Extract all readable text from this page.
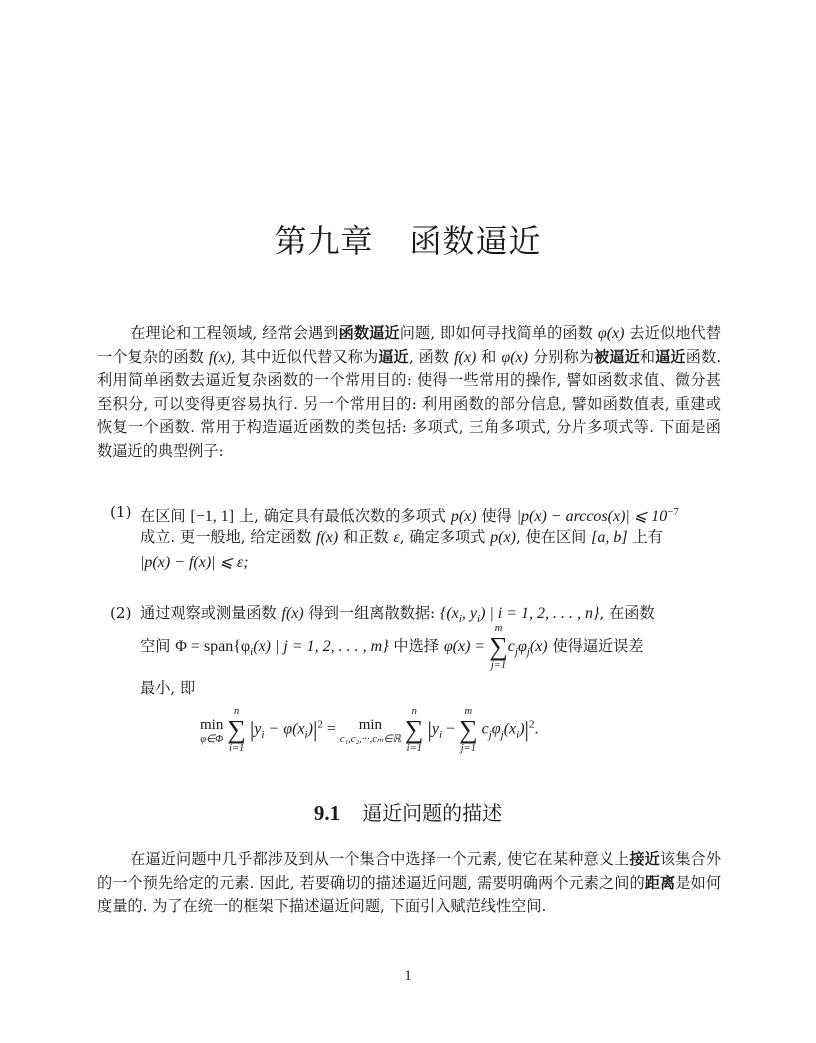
第九章 函数逼近

在理论和工程领域, 经常会遇到函数逼近问题, 即如何寻找简单的函数 φ(x) 去近似地代替一个复杂的函数 f(x), 其中近似代替又称为逼近, 函数 f(x) 和 φ(x) 分别称为被逼近和逼近函数. 利用简单函数去逼近复杂函数的一个常用目的: 使得一些常用的操作, 譬如函数求值、微分甚至积分, 可以变得更容易执行. 另一个常用目的: 利用函数的部分信息, 譬如函数值表, 重建或恢复一个函数. 常用于构造逼近函数的类包括: 多项式, 三角多项式, 分片多项式等. 下面是函数逼近的典型例子:

(1) 在区间 [−1, 1] 上, 确定具有最低次数的多项式 p(x) 使得 |p(x) − arccos(x)| ⩽ $10^{-7}$
成立. 更一般地, 给定函数 f(x) 和正数 ε, 确定多项式 p(x), 使在区间 [a, b] 上有
|p(x) − f(x)| ⩽ ε;
(2) 通过观察或测量函数 f(x) 得到一组离散数据: {($x_i$, $y_i$) | i = 1, 2, . . . , n}, 在函数
空间 $\Phi = span\{\varphi_i(x)$ | j = 1, 2, . . . , m} 中选择 φ(x) =
m
∑
j=1
$c_j\varphi_j(x)$ 使得逼近误差
最小, 即
min
φ∈Φ

n
∑
i=1
$|y_i - \varphi(x_i)|^2$ =	min
c₁,c₂,···,cₘ∈ℝ

n
∑
i=1
$|y_i$ −
m
∑
j=1
$c_j\varphi_j(x_i)|^2$.
9.1 逼近问题的描述

在逼近问题中几乎都涉及到从一个集合中选择一个元素, 使它在某种意义上接近该集合外的一个预先给定的元素. 因此, 若要确切的描述逼近问题, 需要明确两个元素之间的距离是如何度量的. 为了在统一的框架下描述逼近问题, 下面引入赋范线性空间.

1
